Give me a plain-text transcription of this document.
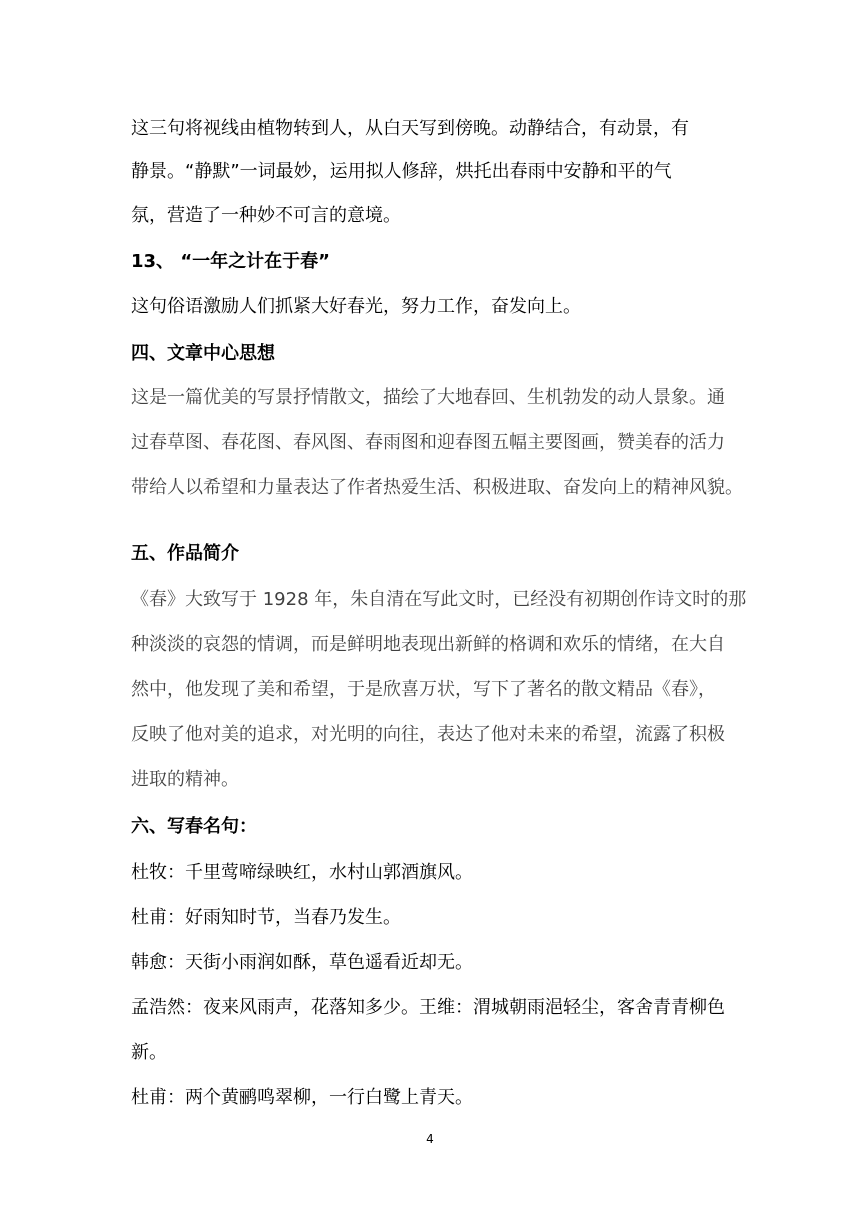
这三句将视线由植物转到人，从白天写到傍晚。动静结合，有动景，有
静景。“静默”一词最妙，运用拟人修辞，烘托出春雨中安静和平的气
氛，营造了一种妙不可言的意境。
13、 “一年之计在于春”
这句俗语激励人们抓紧大好春光，努力工作，奋发向上。
四、文章中心思想
这是一篇优美的写景抒情散文，描绘了大地春回、生机勃发的动人景象。通
过春草图、春花图、春风图、春雨图和迎春图五幅主要图画，赞美春的活力
带给人以希望和力量表达了作者热爱生活、积极进取、奋发向上的精神风貌。
五、作品简介
《春》大致写于 1928 年，朱自清在写此文时，已经没有初期创作诗文时的那
种淡淡的哀怨的情调，而是鲜明地表现出新鲜的格调和欢乐的情绪，在大自
然中，他发现了美和希望，于是欣喜万状，写下了著名的散文精品《春》，
反映了他对美的追求，对光明的向往，表达了他对未来的希望，流露了积极
进取的精神。
六、写春名句：
杜牧：千里莺啼绿映红，水村山郭酒旗风。
杜甫：好雨知时节，当春乃发生。
韩愈：天街小雨润如酥，草色遥看近却无。
孟浩然：夜来风雨声，花落知多少。王维：渭城朝雨浥轻尘，客舍青青柳色
新。
杜甫：两个黄鹂鸣翠柳，一行白鹭上青天。
4
